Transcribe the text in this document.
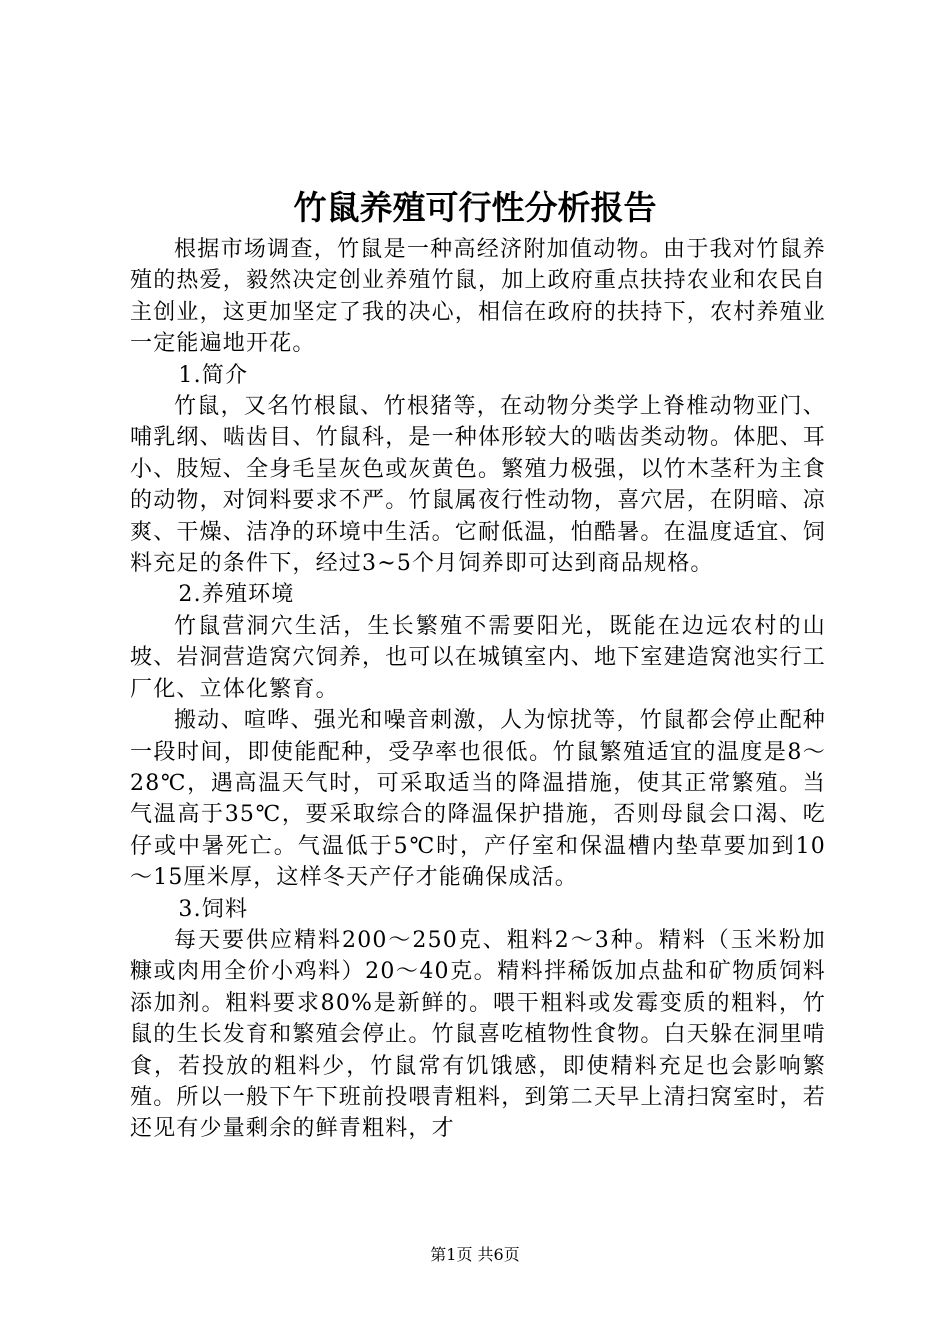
竹鼠养殖可行性分析报告

根据市场调查，竹鼠是一种高经济附加值动物。由于我对竹鼠养殖的热爱，毅然决定创业养殖竹鼠，加上政府重点扶持农业和农民自主创业，这更加坚定了我的决心，相信在政府的扶持下，农村养殖业一定能遍地开花。

1.简介

竹鼠，又名竹根鼠、竹根猪等，在动物分类学上脊椎动物亚门、哺乳纲、啮齿目、竹鼠科，是一种体形较大的啮齿类动物。体肥、耳小、肢短、全身毛呈灰色或灰黄色。繁殖力极强，以竹木茎秆为主食的动物，对饲料要求不严。竹鼠属夜行性动物，喜穴居，在阴暗、凉爽、干燥、洁净的环境中生活。它耐低温，怕酷暑。在温度适宜、饲料充足的条件下，经过3~5个月饲养即可达到商品规格。

2.养殖环境

竹鼠营洞穴生活，生长繁殖不需要阳光，既能在边远农村的山坡、岩洞营造窝穴饲养，也可以在城镇室内、地下室建造窝池实行工厂化、立体化繁育。

搬动、喧哗、强光和噪音刺激，人为惊扰等，竹鼠都会停止配种一段时间，即使能配种，受孕率也很低。竹鼠繁殖适宜的温度是8～28℃，遇高温天气时，可采取适当的降温措施，使其正常繁殖。当气温高于35℃，要采取综合的降温保护措施，否则母鼠会口渴、吃仔或中暑死亡。气温低于5℃时，产仔室和保温槽内垫草要加到10～15厘米厚，这样冬天产仔才能确保成活。

3.饲料

每天要供应精料200～250克、粗料2～3种。精料（玉米粉加糠或肉用全价小鸡料）20～40克。精料拌稀饭加点盐和矿物质饲料添加剂。粗料要求80%是新鲜的。喂干粗料或发霉变质的粗料，竹鼠的生长发育和繁殖会停止。竹鼠喜吃植物性食物。白天躲在洞里啃食，若投放的粗料少，竹鼠常有饥饿感，即使精料充足也会影响繁殖。所以一般下午下班前投喂青粗料，到第二天早上清扫窝室时，若还见有少量剩余的鲜青粗料，才

第1页 共6页
